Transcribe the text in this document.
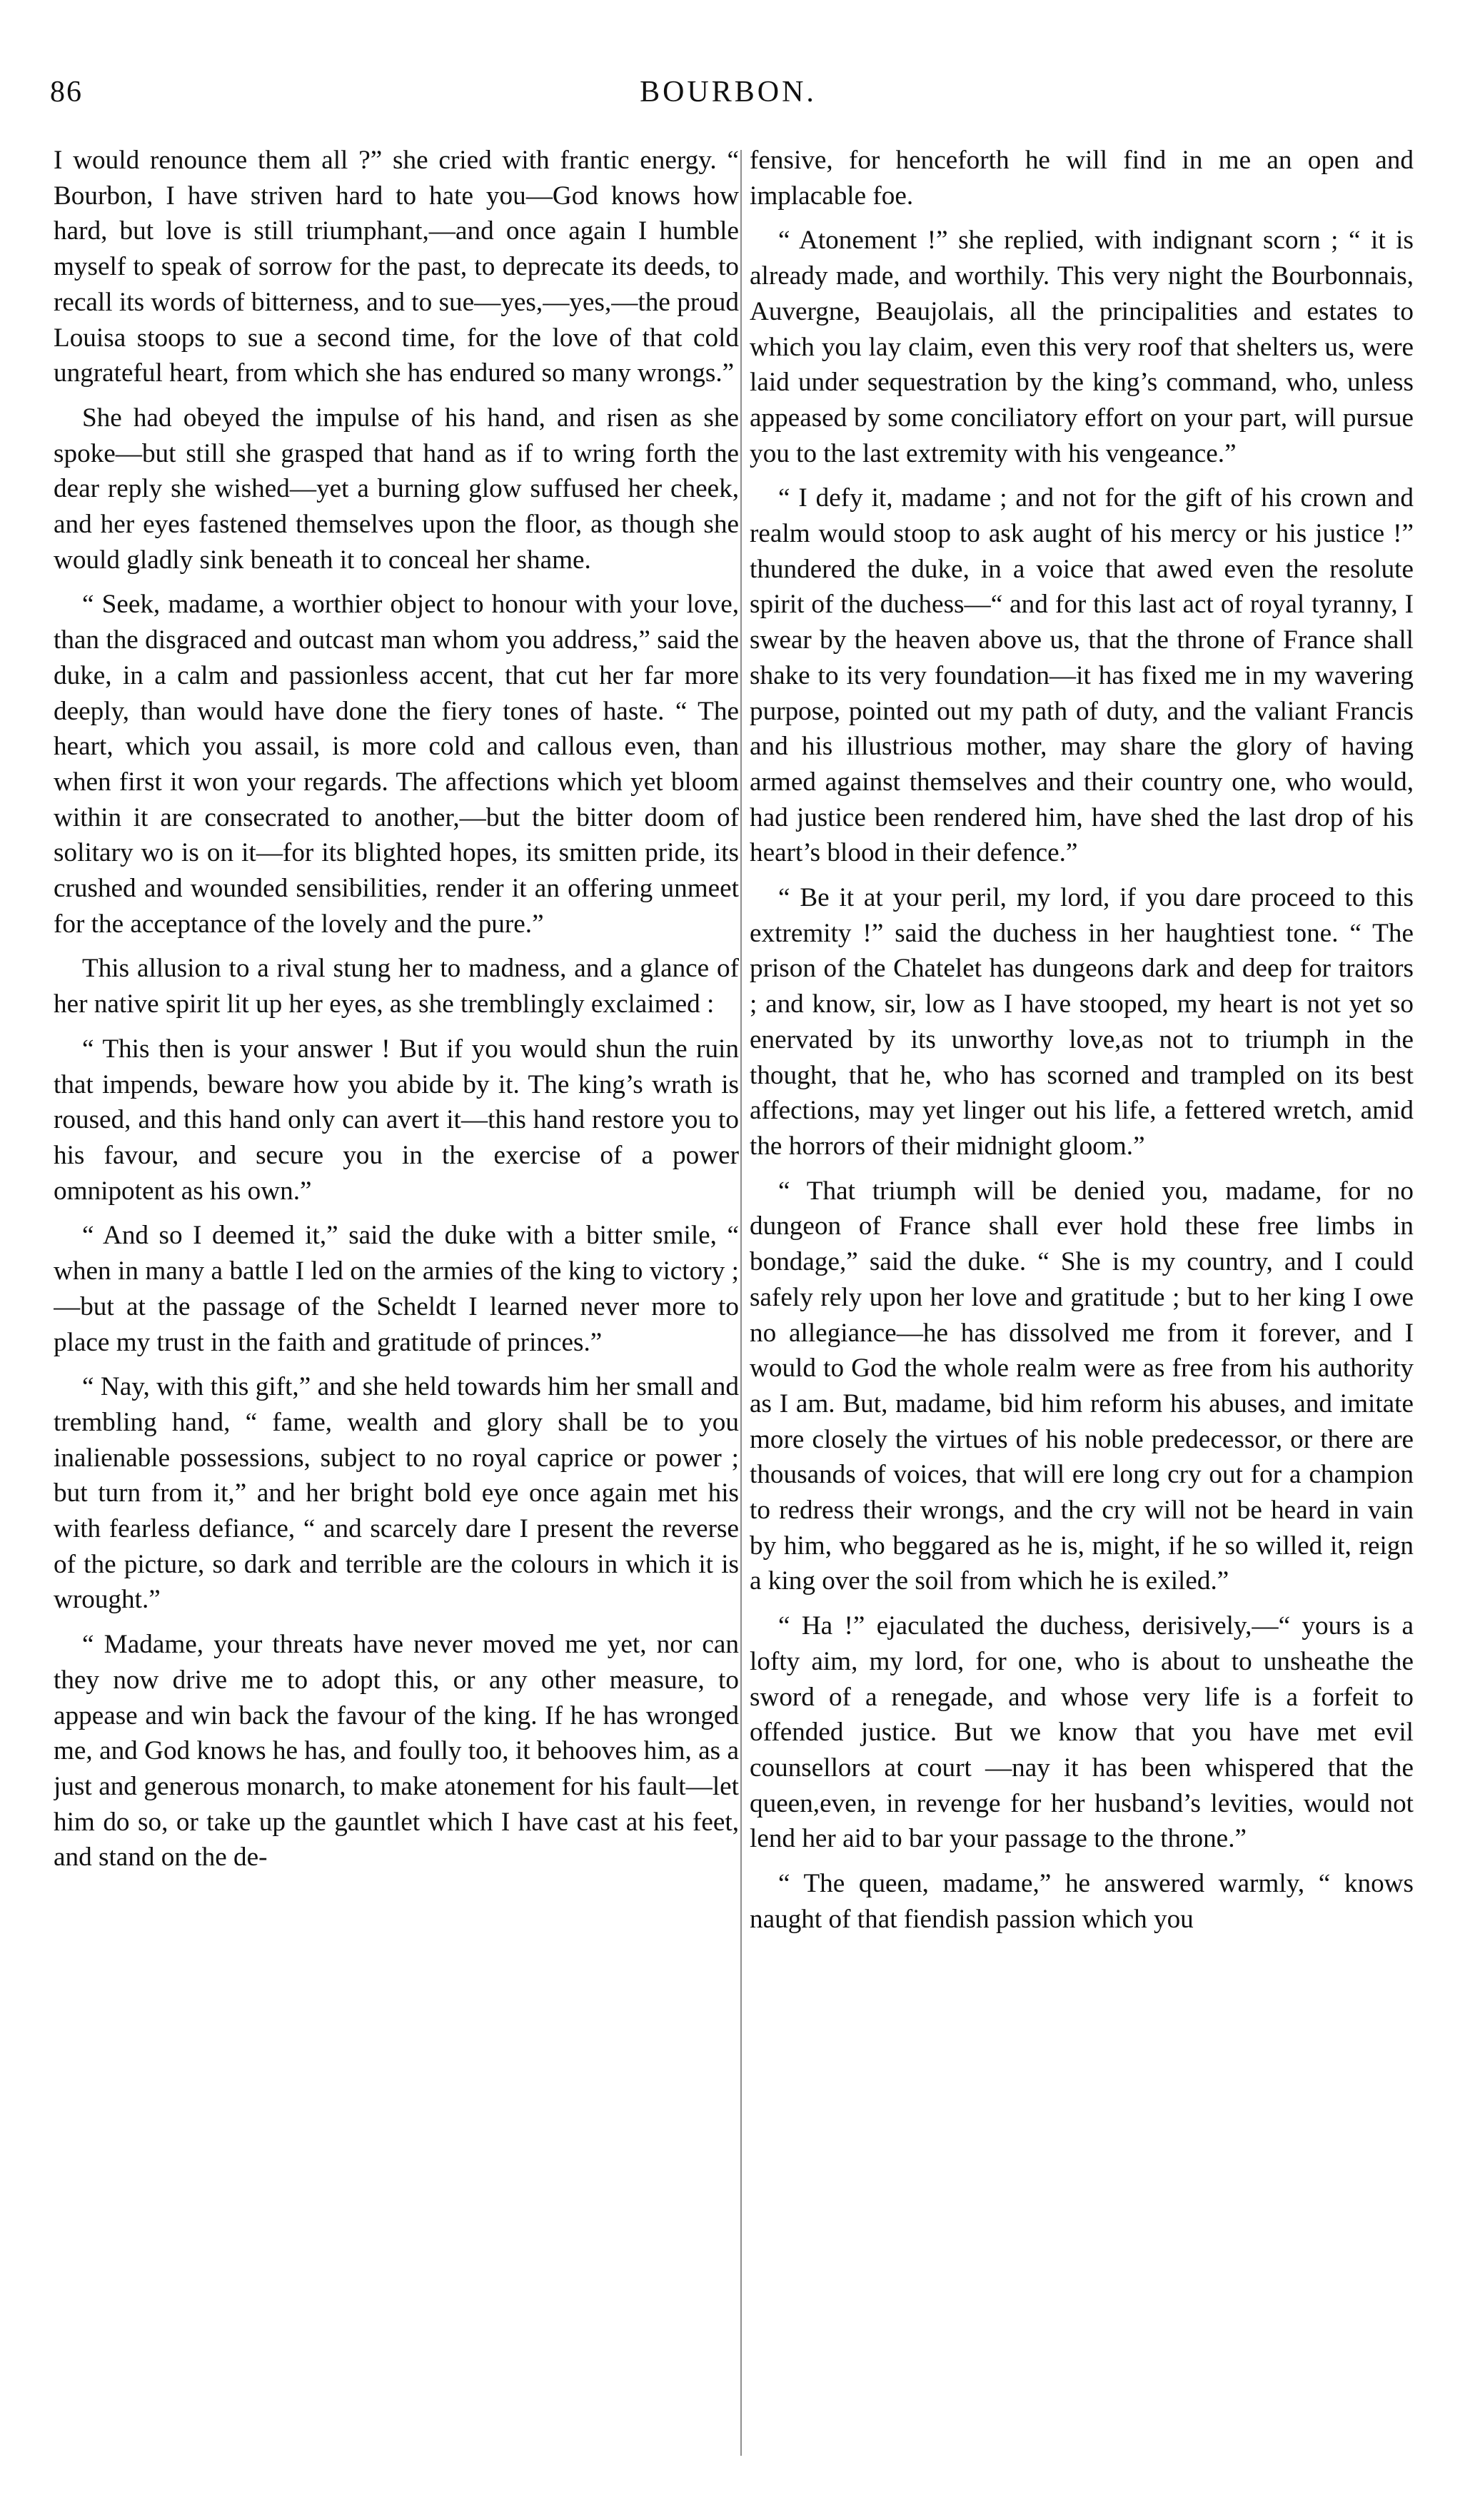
86	BOURBON.

I would renounce them all ?” she cried with frantic energy. “ Bourbon, I have striven hard to hate you—God knows how hard, but love is still triumphant,—and once again I humble myself to speak of sorrow for the past, to deprecate its deeds, to recall its words of bitterness, and to sue—yes,—yes,—the proud Louisa stoops to sue a second time, for the love of that cold ungrateful heart, from which she has endured so many wrongs.”

She had obeyed the impulse of his hand, and risen as she spoke—but still she grasped that hand as if to wring forth the dear reply she wished—yet a burning glow suffused her cheek, and her eyes fastened themselves upon the floor, as though she would gladly sink beneath it to conceal her shame.

“ Seek, madame, a worthier object to honour with your love, than the disgraced and outcast man whom you address,” said the duke, in a calm and passionless accent, that cut her far more deeply, than would have done the fiery tones of haste. “ The heart, which you assail, is more cold and callous even, than when first it won your regards. The affections which yet bloom within it are consecrated to another,—but the bitter doom of solitary wo is on it—for its blighted hopes, its smitten pride, its crushed and wounded sensibilities, render it an offering unmeet for the acceptance of the lovely and the pure.”

This allusion to a rival stung her to madness, and a glance of her native spirit lit up her eyes, as she tremblingly exclaimed :

“ This then is your answer ! But if you would shun the ruin that impends, beware how you abide by it. The king’s wrath is roused, and this hand only can avert it—this hand restore you to his favour, and secure you in the exercise of a power omnipotent as his own.”

“ And so I deemed it,” said the duke with a bitter smile, “ when in many a battle I led on the armies of the king to victory ;—but at the passage of the Scheldt I learned never more to place my trust in the faith and gratitude of princes.”

“ Nay, with this gift,” and she held towards him her small and trembling hand, “ fame, wealth and glory shall be to you inalienable possessions, subject to no royal caprice or power ; but turn from it,” and her bright bold eye once again met his with fearless defiance, “ and scarcely dare I present the reverse of the picture, so dark and terrible are the colours in which it is wrought.”

“ Madame, your threats have never moved me yet, nor can they now drive me to adopt this, or any other measure, to appease and win back the favour of the king. If he has wronged me, and God knows he has, and foully too, it behooves him, as a just and generous monarch, to make atonement for his fault—let him do so, or take up the gauntlet which I have cast at his feet, and stand on the de-

fensive, for henceforth he will find in me an open and implacable foe.

“ Atonement !” she replied, with indignant scorn ; “ it is already made, and worthily. This very night the Bourbonnais, Auvergne, Beaujolais, all the principalities and estates to which you lay claim, even this very roof that shelters us, were laid under sequestration by the king’s command, who, unless appeased by some conciliatory effort on your part, will pursue you to the last extremity with his vengeance.”

“ I defy it, madame ; and not for the gift of his crown and realm would stoop to ask aught of his mercy or his justice !” thundered the duke, in a voice that awed even the resolute spirit of the duchess—“ and for this last act of royal tyranny, I swear by the heaven above us, that the throne of France shall shake to its very foundation—it has fixed me in my wavering purpose, pointed out my path of duty, and the valiant Francis and his illustrious mother, may share the glory of having armed against themselves and their country one, who would, had justice been rendered him, have shed the last drop of his heart’s blood in their defence.”

“ Be it at your peril, my lord, if you dare proceed to this extremity !” said the duchess in her haughtiest tone. “ The prison of the Chatelet has dungeons dark and deep for traitors ; and know, sir, low as I have stooped, my heart is not yet so enervated by its unworthy love,as not to triumph in the thought, that he, who has scorned and trampled on its best affections, may yet linger out his life, a fettered wretch, amid the horrors of their midnight gloom.”

“ That triumph will be denied you, madame, for no dungeon of France shall ever hold these free limbs in bondage,” said the duke. “ She is my country, and I could safely rely upon her love and gratitude ; but to her king I owe no allegiance—he has dissolved me from it forever, and I would to God the whole realm were as free from his authority as I am. But, madame, bid him reform his abuses, and imitate more closely the virtues of his noble predecessor, or there are thousands of voices, that will ere long cry out for a champion to redress their wrongs, and the cry will not be heard in vain by him, who beggared as he is, might, if he so willed it, reign a king over the soil from which he is exiled.”

“ Ha !” ejaculated the duchess, derisively,—“ yours is a lofty aim, my lord, for one, who is about to unsheathe the sword of a renegade, and whose very life is a forfeit to offended justice. But we know that you have met evil counsellors at court —nay it has been whispered that the queen,even, in revenge for her husband’s levities, would not lend her aid to bar your passage to the throne.”

“ The queen, madame,” he answered warmly, “ knows naught of that fiendish passion which you
